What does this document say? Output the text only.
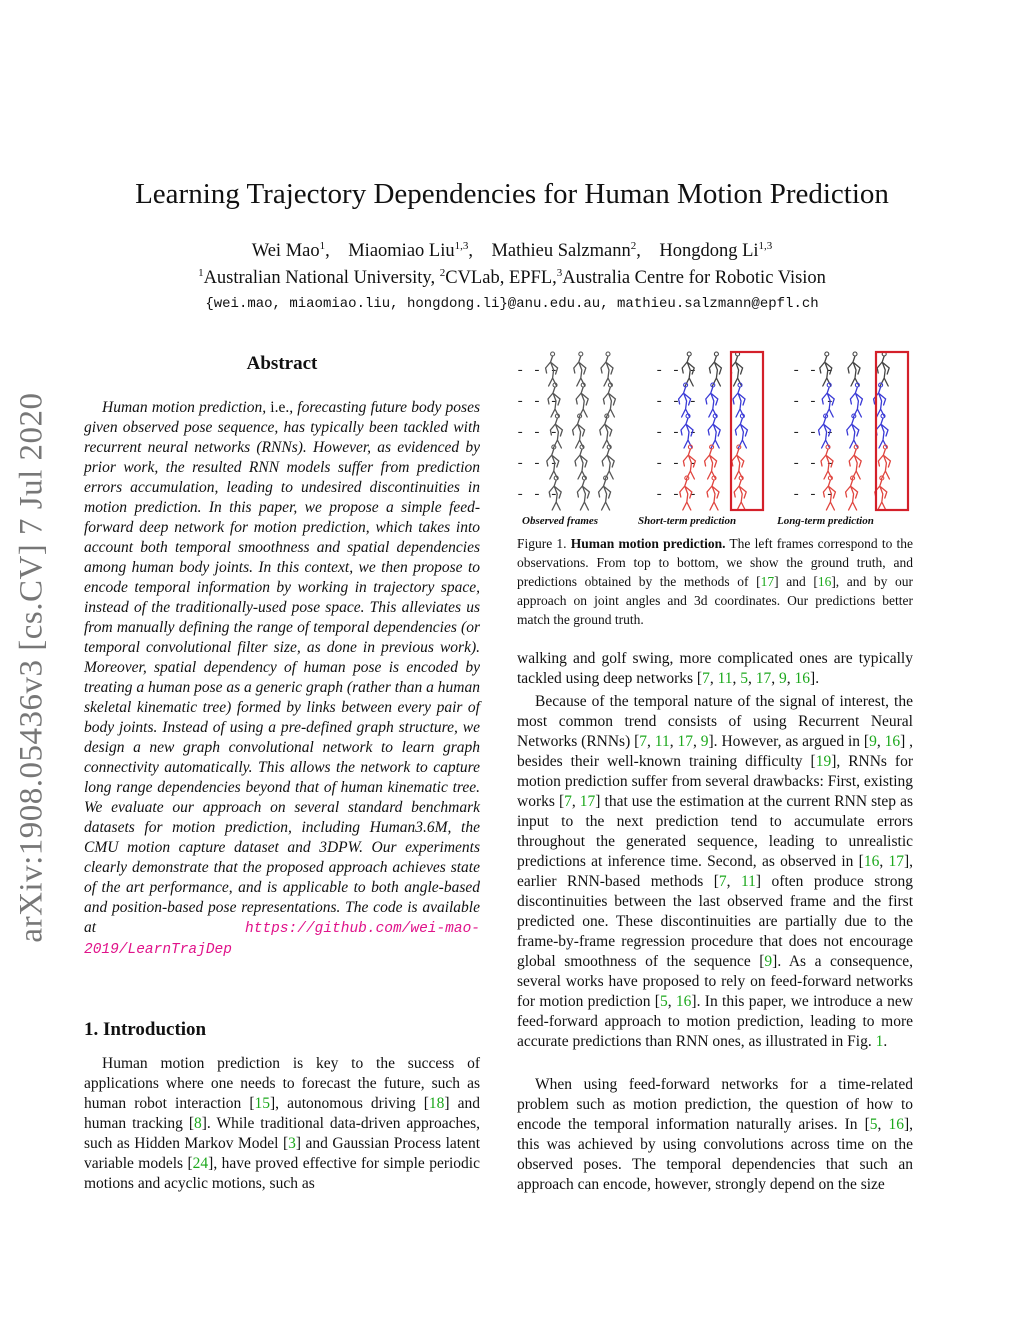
arXiv:1908.05436v3 [cs.CV] 7 Jul 2020
Learning Trajectory Dependencies for Human Motion Prediction
Wei Mao$^1$,    Miaomiao Liu$^{1,3}$,    Mathieu Salzmann$^2$,    Hongdong Li$^{1,3}$
$^1$Australian National University, $^2$CVLab, EPFL,$^3$Australia Centre for Robotic Vision
{wei.mao, miaomiao.liu, hongdong.li}@anu.edu.au, mathieu.salzmann@epfl.ch
Abstract
Human motion prediction, i.e., forecasting future body poses given observed pose sequence, has typically been tackled with recurrent neural networks (RNNs). However, as evidenced by prior work, the resulted RNN models suffer from prediction errors accumulation, leading to undesired discontinuities in motion prediction. In this paper, we propose a simple feed-forward deep network for motion prediction, which takes into account both temporal smoothness and spatial dependencies among human body joints. In this context, we then propose to encode temporal information by working in trajectory space, instead of the traditionally-used pose space. This alleviates us from manually defining the range of temporal dependencies (or temporal convolutional filter size, as done in previous work). Moreover, spatial dependency of human pose is encoded by treating a human pose as a generic graph (rather than a human skeletal kinematic tree) formed by links between every pair of body joints. Instead of using a pre-defined graph structure, we design a new graph convolutional network to learn graph connectivity automatically. This allows the network to capture long range dependencies beyond that of human kinematic tree. We evaluate our approach on several standard benchmark datasets for motion prediction, including Human3.6M, the CMU motion capture dataset and 3DPW. Our experiments clearly demonstrate that the proposed approach achieves state of the art performance, and is applicable to both angle-based and position-based pose representations. The code is available at	https://github.com/wei-mao-2019/LearnTrajDep
1. Introduction
Human motion prediction is key to the success of applications where one needs to forecast the future, such as human robot interaction [15], autonomous driving [18] and human tracking [8]. While traditional data-driven approaches, such as Hidden Markov Model [3] and Gaussian Process latent variable models [24], have proved effective for simple periodic motions and acyclic motions, such as
- - -	- - -	- - -
- - -	- - -	- - -
- - -	- - -	- - -
- - -	- - -	- - -
- - -	- - -	- - -
Observed frames	Short-term prediction	Long-term prediction
Figure 1. Human motion prediction. The left frames correspond to the observations. From top to bottom, we show the ground truth, and predictions obtained by the methods of [17] and [16], and by our approach on joint angles and 3d coordinates. Our predictions better match the ground truth.
walking and golf swing, more complicated ones are typically tackled using deep networks [7, 11, 5, 17, 9, 16].
Because of the temporal nature of the signal of interest, the most common trend consists of using Recurrent Neural Networks (RNNs) [7, 11, 17, 9]. However, as argued in [9, 16] , besides their well-known training difficulty [19], RNNs for motion prediction suffer from several drawbacks: First, existing works [7, 17] that use the estimation at the current RNN step as input to the next prediction tend to accumulate errors throughout the generated sequence, leading to unrealistic predictions at inference time. Second, as observed in [16, 17], earlier RNN-based methods [7, 11] often produce strong discontinuities between the last observed frame and the first predicted one. These discontinuities are partially due to the frame-by-frame regression procedure that does not encourage global smoothness of the sequence [9]. As a consequence, several works have proposed to rely on feed-forward networks for motion prediction [5, 16]. In this paper, we introduce a new feed-forward approach to motion prediction, leading to more accurate predictions than RNN ones, as illustrated in Fig. 1.
When using feed-forward networks for a time-related problem such as motion prediction, the question of how to encode the temporal information naturally arises. In [5, 16], this was achieved by using convolutions across time on the observed poses. The temporal dependencies that such an approach can encode, however, strongly depend on the size
